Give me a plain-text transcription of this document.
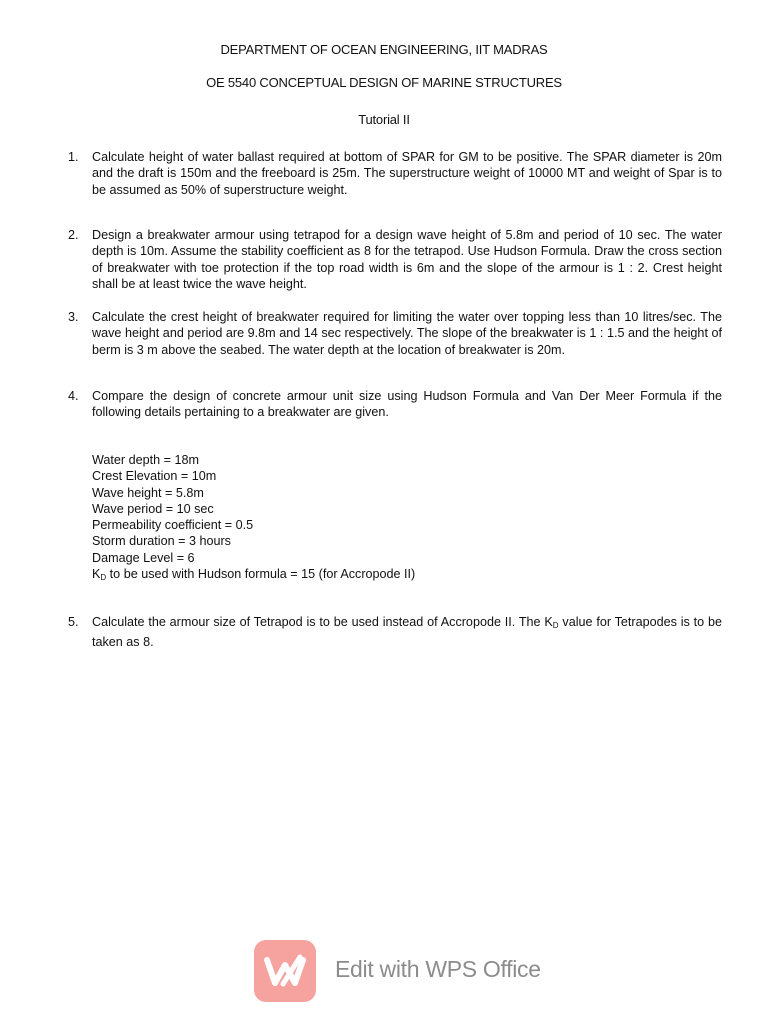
DEPARTMENT OF OCEAN ENGINEERING, IIT MADRAS
OE 5540 CONCEPTUAL DESIGN OF MARINE STRUCTURES
Tutorial II
1. Calculate height of water ballast required at bottom of SPAR for GM to be positive. The SPAR diameter is 20m and the draft is 150m and the freeboard is 25m. The superstructure weight of 10000 MT and weight of Spar is to be assumed as 50% of superstructure weight.
2. Design a breakwater armour using tetrapod for a design wave height of 5.8m and period of 10 sec. The water depth is 10m. Assume the stability coefficient as 8 for the tetrapod. Use Hudson Formula. Draw the cross section of breakwater with toe protection if the top road width is 6m and the slope of the armour is 1 : 2. Crest height shall be at least twice the wave height.
3. Calculate the crest height of breakwater required for limiting the water over topping less than 10 litres/sec. The wave height and period are 9.8m and 14 sec respectively. The slope of the breakwater is 1 : 1.5 and the height of berm is 3 m above the seabed. The water depth at the location of breakwater is 20m.
4. Compare the design of concrete armour unit size using Hudson Formula and Van Der Meer Formula if the following details pertaining to a breakwater are given.
Water depth = 18m
Crest Elevation = 10m
Wave height = 5.8m
Wave period = 10 sec
Permeability coefficient = 0.5
Storm duration = 3 hours
Damage Level = 6
$K_D$ to be used with Hudson formula = 15 (for Accropode II)
5. Calculate the armour size of Tetrapod is to be used instead of Accropode II. The $K_D$ value for Tetrapodes is to be taken as 8.
Edit with WPS Office
